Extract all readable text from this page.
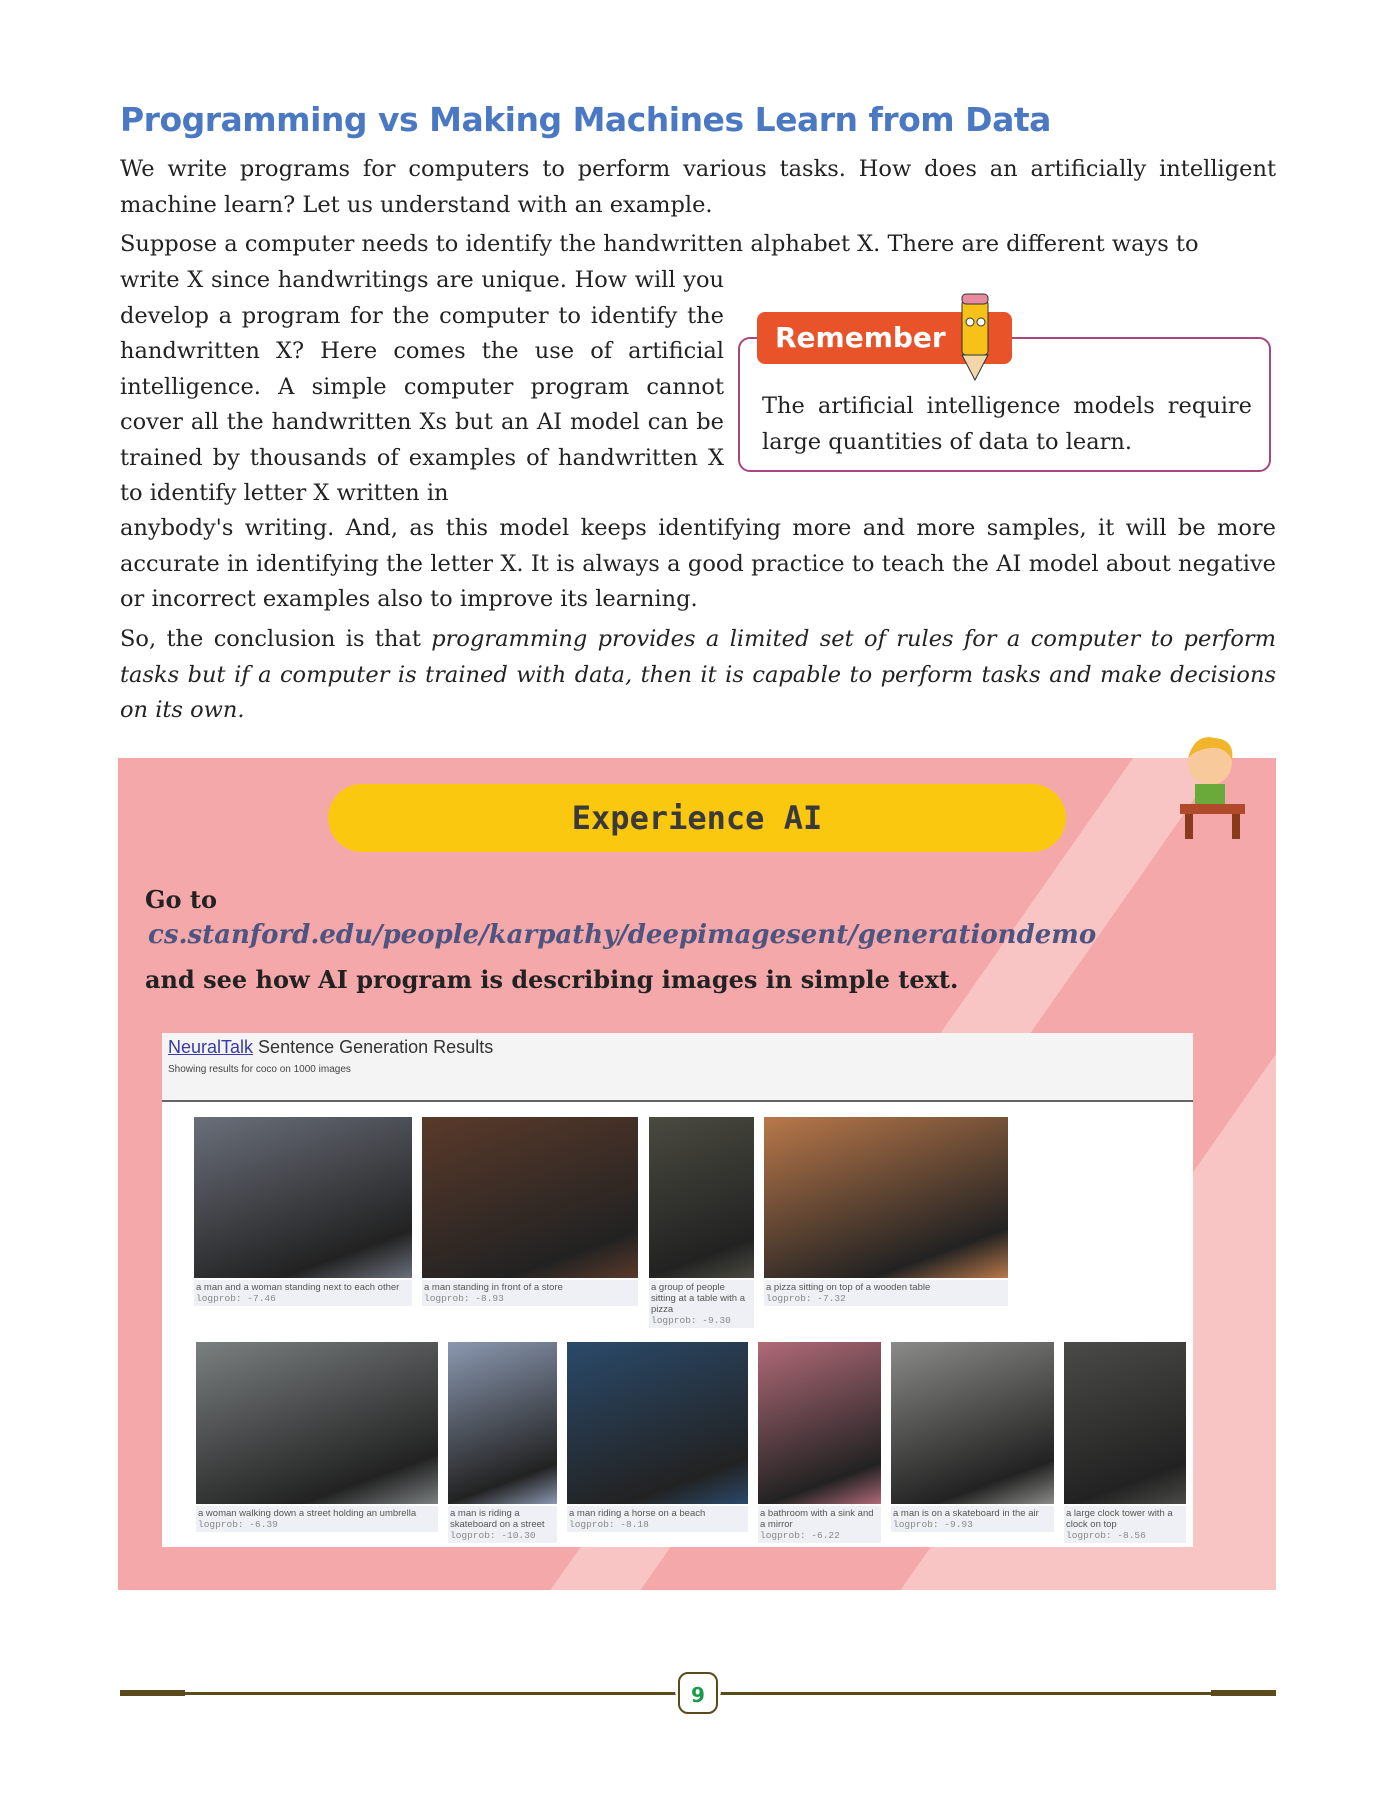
Programming vs Making Machines Learn from Data
We write programs for computers to perform various tasks. How does an artificially intelligent machine learn? Let us understand with an example.
Suppose a computer needs to identify the handwritten alphabet X. There are different ways to
write X since handwritings are unique. How will you develop a program for the computer to identify the handwritten X? Here comes the use of artificial intelligence. A simple computer program cannot cover all the handwritten Xs but an AI model can be trained by thousands of examples of handwritten X to identify letter X written in
anybody's writing. And, as this model keeps identifying more and more samples, it will be more accurate in identifying the letter X. It is always a good practice to teach the AI model about negative or incorrect examples also to improve its learning.
So, the conclusion is that programming provides a limited set of rules for a computer to perform tasks but if a computer is trained with data, then it is capable to perform tasks and make decisions on its own.
Remember
The artificial intelligence models require large quantities of data to learn.
Experience AI
Go to
cs.stanford.edu/people/karpathy/deepimagesent/generationdemo
and see how AI program is describing images in simple text.
NeuralTalk Sentence Generation Results
Showing results for coco on 1000 images
a man and a woman standing next to each other
logprob: -7.46
a man standing in front of a store
logprob: -8.93
a group of people sitting at a table with a pizza
logprob: -9.30
a pizza sitting on top of a wooden table
logprob: -7.32
a woman walking down a street holding an umbrella
logprob: -6.39
a man is riding a skateboard on a street
logprob: -10.30
a man riding a horse on a beach
logprob: -8.18
a bathroom with a sink and a mirror
logprob: -6.22
a man is on a skateboard in the air
logprob: -9.93
a large clock tower with a clock on top
logprob: -8.56
9
